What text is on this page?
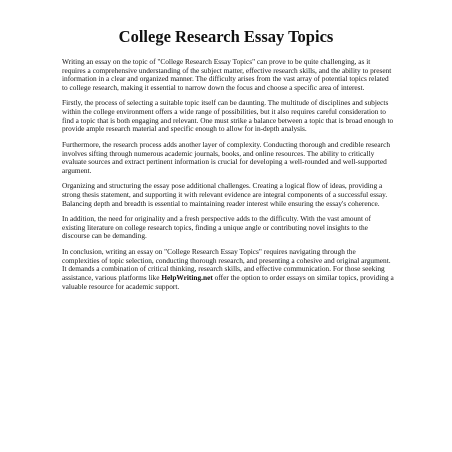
College Research Essay Topics

Writing an essay on the topic of "College Research Essay Topics" can prove to be quite challenging, as it requires a comprehensive understanding of the subject matter, effective research skills, and the ability to present information in a clear and organized manner. The difficulty arises from the vast array of potential topics related to college research, making it essential to narrow down the focus and choose a specific area of interest.

Firstly, the process of selecting a suitable topic itself can be daunting. The multitude of disciplines and subjects within the college environment offers a wide range of possibilities, but it also requires careful consideration to find a topic that is both engaging and relevant. One must strike a balance between a topic that is broad enough to provide ample research material and specific enough to allow for in-depth analysis.

Furthermore, the research process adds another layer of complexity. Conducting thorough and credible research involves sifting through numerous academic journals, books, and online resources. The ability to critically evaluate sources and extract pertinent information is crucial for developing a well-rounded and well-supported argument.

Organizing and structuring the essay pose additional challenges. Creating a logical flow of ideas, providing a strong thesis statement, and supporting it with relevant evidence are integral components of a successful essay. Balancing depth and breadth is essential to maintaining reader interest while ensuring the essay's coherence.

In addition, the need for originality and a fresh perspective adds to the difficulty. With the vast amount of existing literature on college research topics, finding a unique angle or contributing novel insights to the discourse can be demanding.

In conclusion, writing an essay on "College Research Essay Topics" requires navigating through the complexities of topic selection, conducting thorough research, and presenting a cohesive and original argument. It demands a combination of critical thinking, research skills, and effective communication. For those seeking assistance, various platforms like HelpWriting.net offer the option to order essays on similar topics, providing a valuable resource for academic support.
